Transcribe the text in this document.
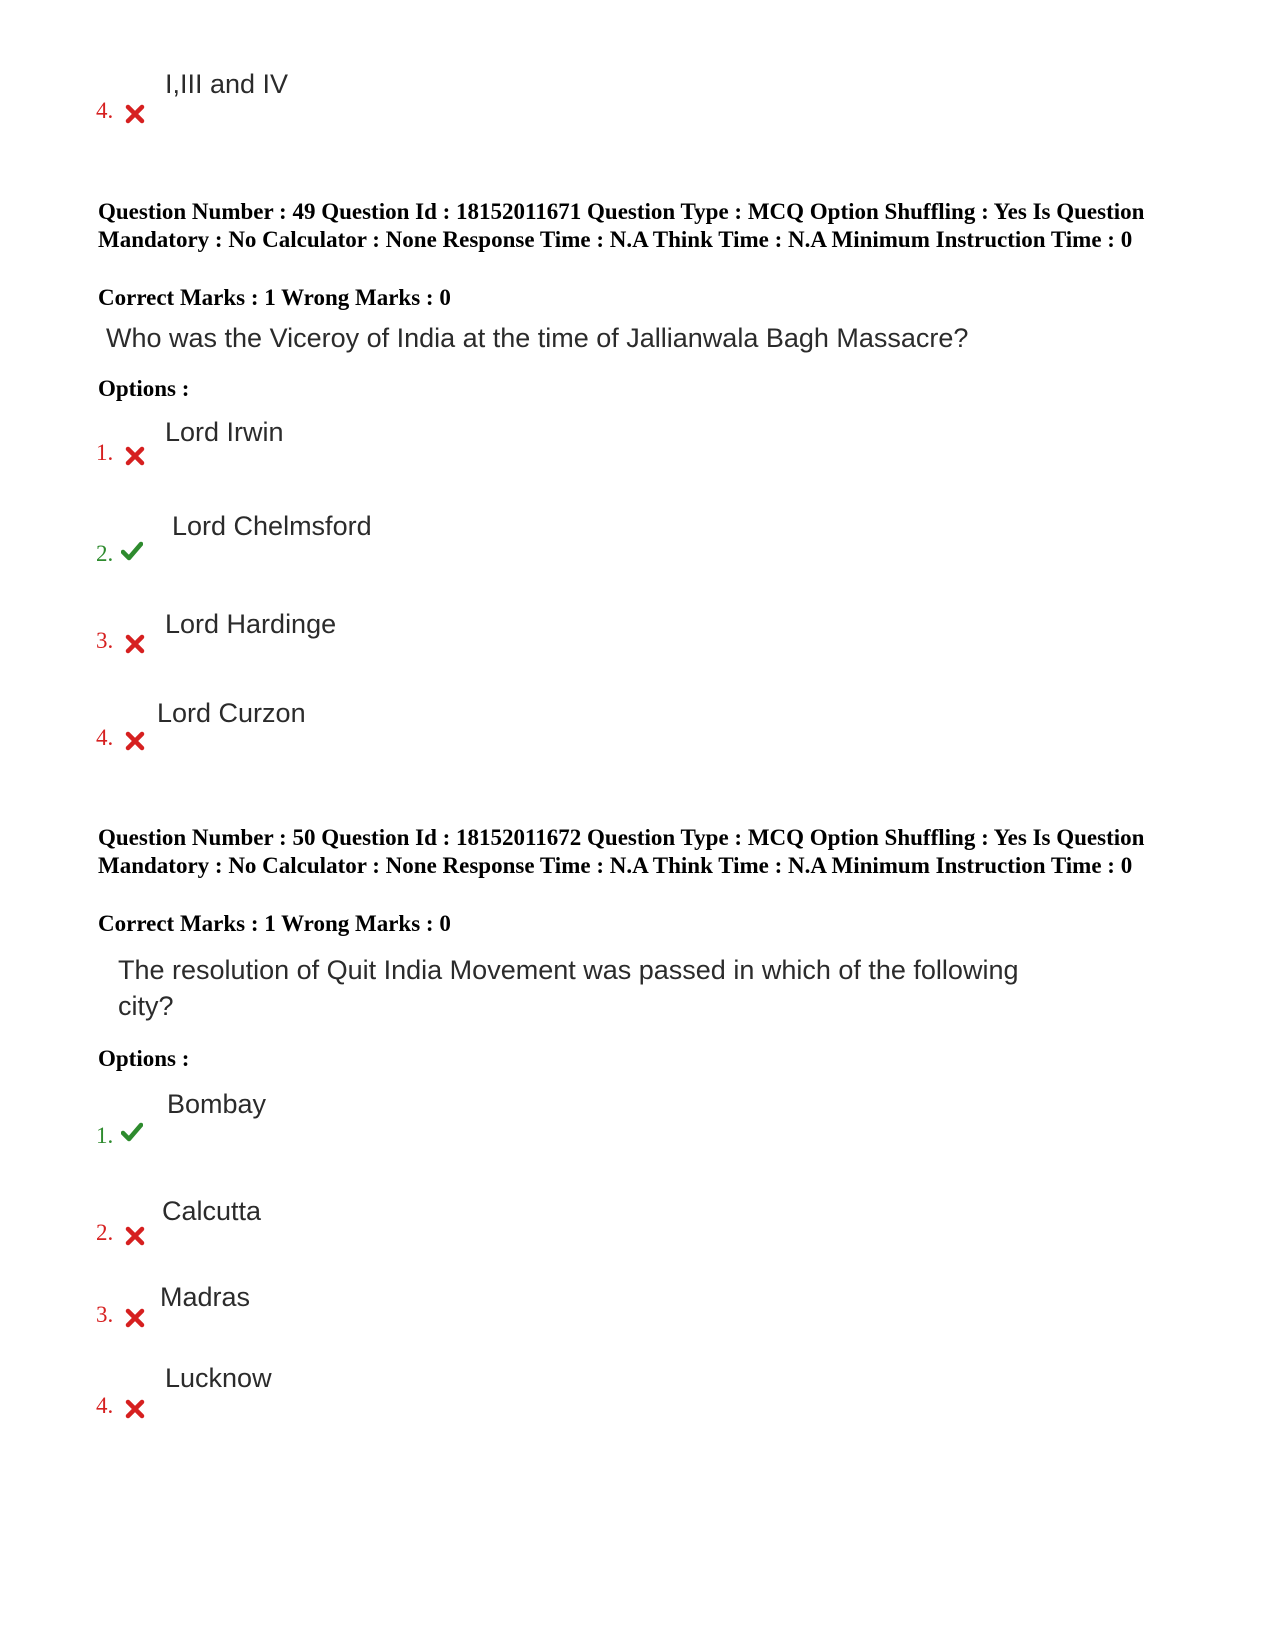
I,III and IV
4.
Question Number : 49 Question Id : 18152011671 Question Type : MCQ Option Shuffling : Yes Is Question Mandatory : No Calculator : None Response Time : N.A Think Time : N.A Minimum Instruction Time : 0
Correct Marks : 1 Wrong Marks : 0
Who was the Viceroy of India at the time of Jallianwala Bagh Massacre?
Options :
Lord Irwin
1.
Lord Chelmsford
2.
Lord Hardinge
3.
Lord Curzon
4.
Question Number : 50 Question Id : 18152011672 Question Type : MCQ Option Shuffling : Yes Is Question Mandatory : No Calculator : None Response Time : N.A Think Time : N.A Minimum Instruction Time : 0
Correct Marks : 1 Wrong Marks : 0
The resolution of Quit India Movement was passed in which of the following city?
Options :
Bombay
1.
Calcutta
2.
Madras
3.
Lucknow
4.
